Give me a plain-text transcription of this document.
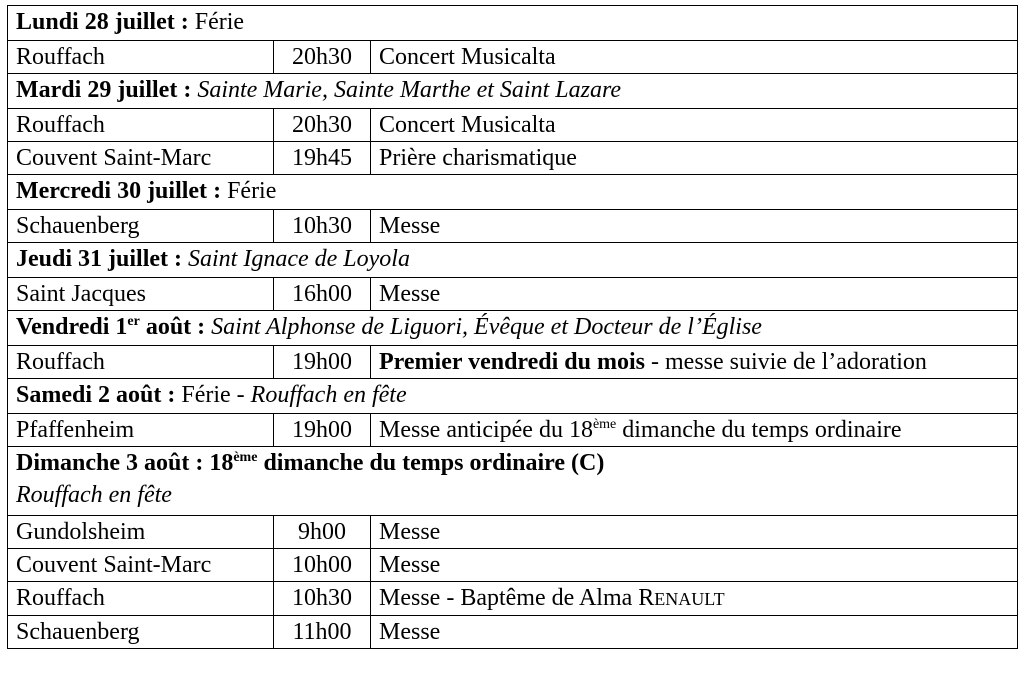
Lundi 28 juillet : Férie		
Rouffach	20h30	Concert Musicalta
Mardi 29 juillet : Sainte Marie, Sainte Marthe et Saint Lazare		
Rouffach	20h30	Concert Musicalta
Couvent Saint-Marc	19h45	Prière charismatique
Mercredi 30 juillet : Férie		
Schauenberg	10h30	Messe
Jeudi 31 juillet : Saint Ignace de Loyola		
Saint Jacques	16h00	Messe
Vendredi 1er août : Saint Alphonse de Liguori, Évêque et Docteur de l’Église		
Rouffach	19h00	Premier vendredi du mois - messe suivie de l’adoration
Samedi 2 août : Férie - Rouffach en fête		
Pfaffenheim	19h00	Messe anticipée du 18ème dimanche du temps ordinaire

Dimanche 3 août : 18ème dimanche du temps ordinaire (C)
Rouffach en fête		

Gundolsheim	9h00	Messe
Couvent Saint-Marc	10h00	Messe
Rouffach	10h30	Messe - Baptême de Alma RENAULT
Schauenberg	11h00	Messe
